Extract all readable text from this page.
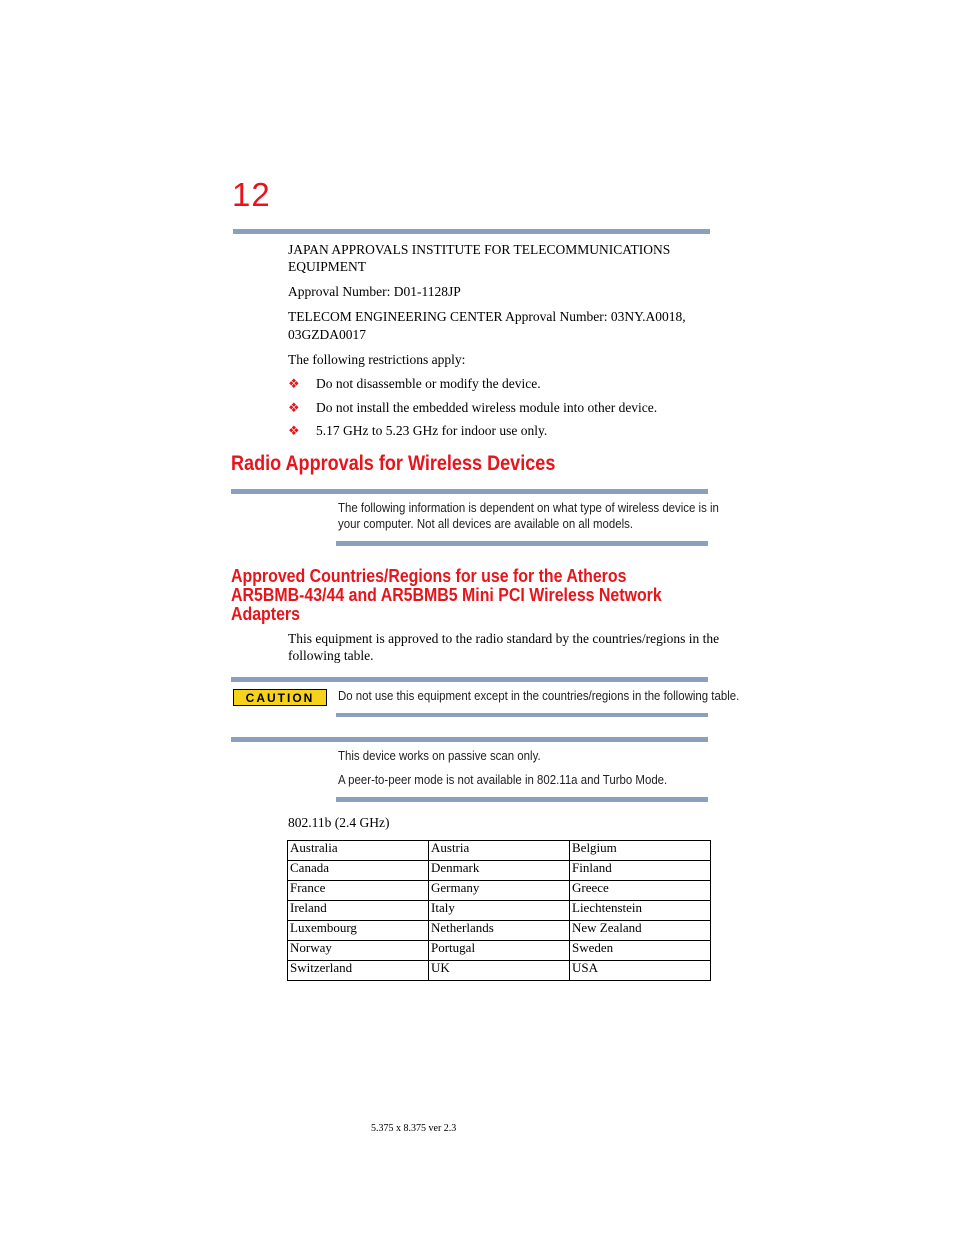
12
JAPAN APPROVALS INSTITUTE FOR TELECOMMUNICATIONS
EQUIPMENT
Approval Number: D01-1128JP
TELECOM ENGINEERING CENTER Approval Number: 03NY.A0018,
03GZDA0017
The following restrictions apply:
❖ Do not disassemble or modify the device.
❖ Do not install the embedded wireless module into other device.
❖ 5.17 GHz to 5.23 GHz for indoor use only.
Radio Approvals for Wireless Devices
The following information is dependent on what type of wireless device is in
your computer. Not all devices are available on all models.
Approved Countries/Regions for use for the Atheros
AR5BMB-43/44 and AR5BMB5 Mini PCI Wireless Network
Adapters
This equipment is approved to the radio standard by the countries/regions in the
following table.
CAUTION	Do not use this equipment except in the countries/regions in the following table.
This device works on passive scan only.
A peer-to-peer mode is not available in 802.11a and Turbo Mode.
802.11b (2.4 GHz)
Australia	Austria	Belgium
Canada	Denmark	Finland
France	Germany	Greece
Ireland	Italy	Liechtenstein
Luxembourg	Netherlands	New Zealand
Norway	Portugal	Sweden
Switzerland	UK	USA
5.375 x 8.375 ver 2.3
